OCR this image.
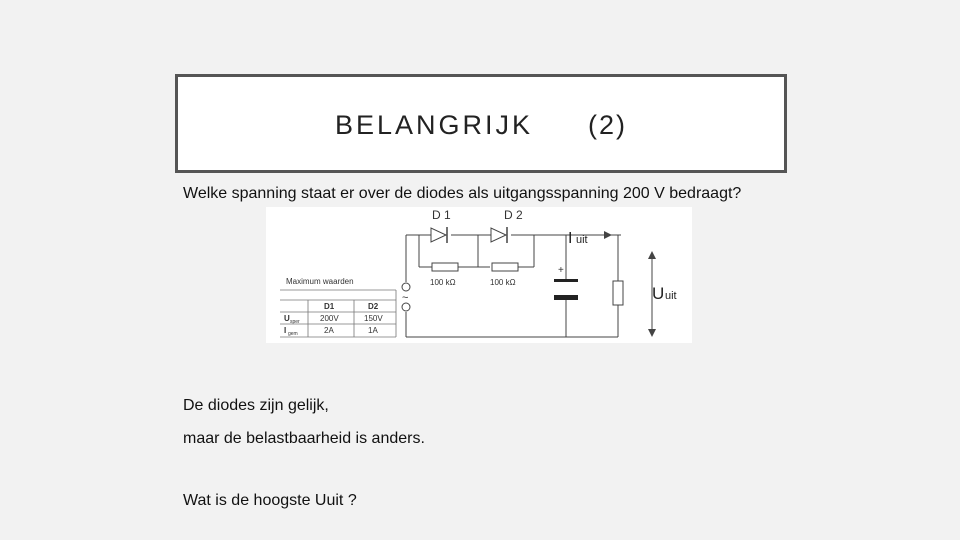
BELANGRIJK (2)
Welke spanning staat er over de diodes als uitgangsspanning 200 V bedraagt?
D 1	D 2
100 kΩ	100 kΩ
I uit
U uit
+
~
Maximum waarden
D1	D2
U sper	200V	150V
I gem	2A	1A
De diodes zijn gelijk,
maar de belastbaarheid is anders.
Wat is de hoogste Uuit ?
